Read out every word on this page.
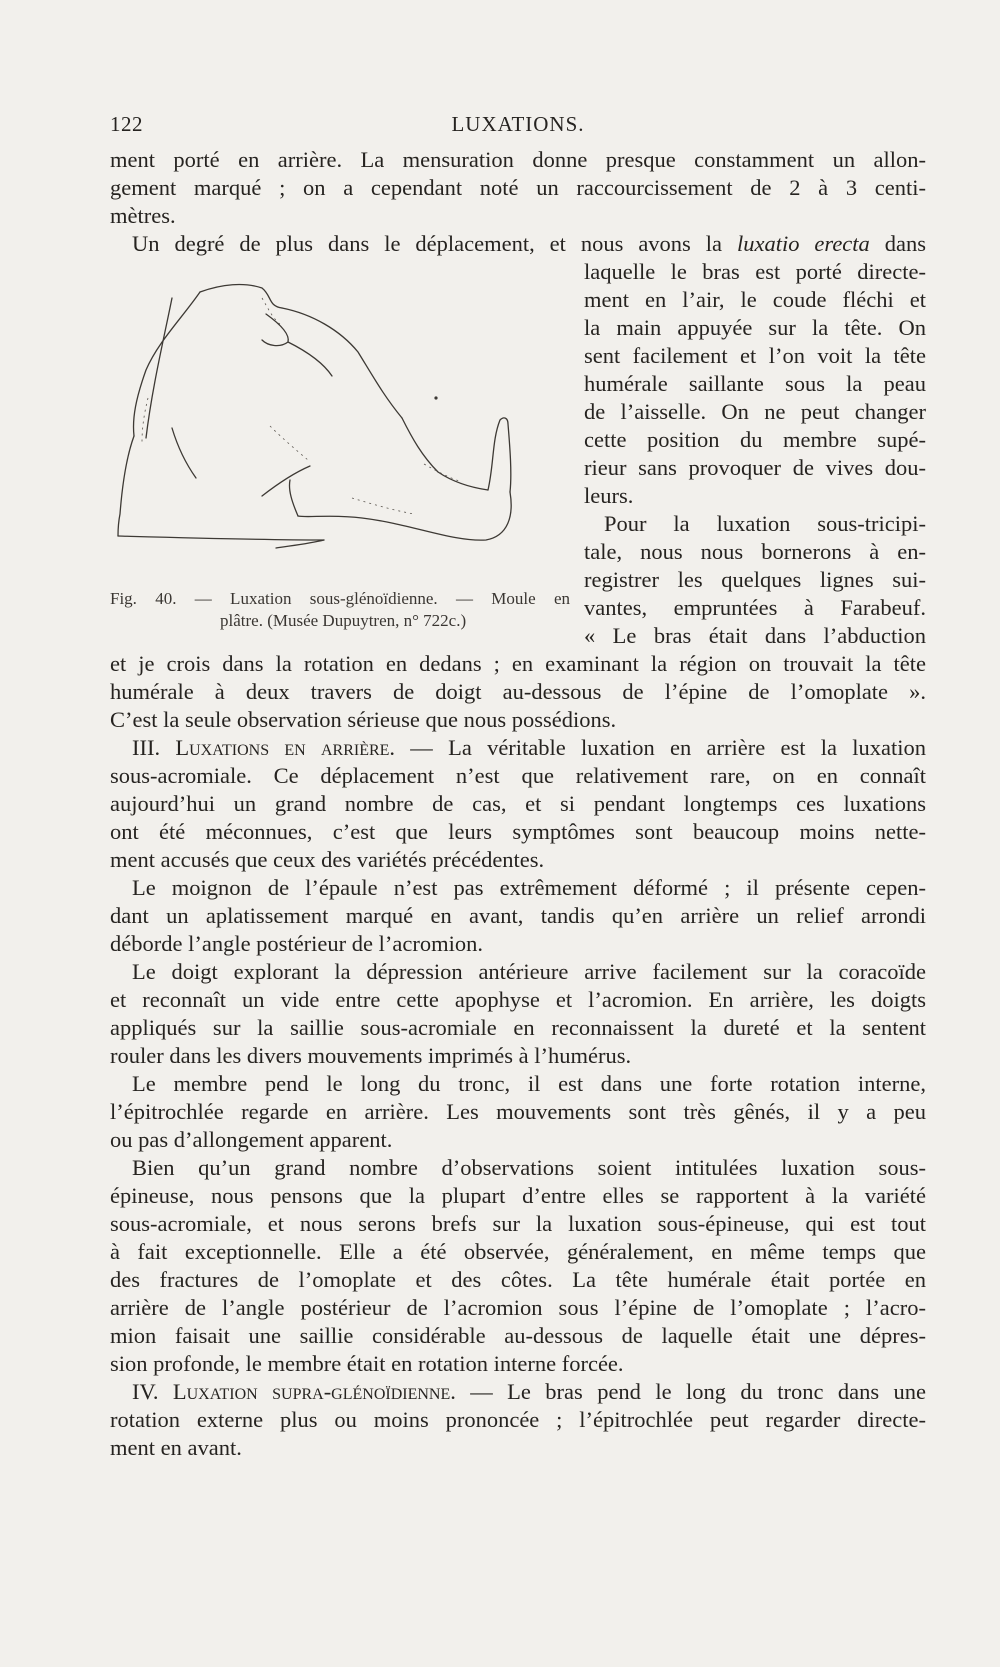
122	LUXATIONS.
ment porté en arrière. La mensuration donne presque constamment un allon-
gement marqué ; on a cependant noté un raccourcissement de 2 à 3 centi-
mètres.
Un degré de plus dans le déplacement, et nous avons la luxatio erecta dans
laquelle le bras est porté directe-
ment en l’air, le coude fléchi et
la main appuyée sur la tête. On
sent facilement et l’on voit la tête
humérale saillante sous la peau
de l’aisselle. On ne peut changer
cette position du membre supé-
rieur sans provoquer de vives dou-
leurs.
Pour la luxation sous-tricipi-
tale, nous nous bornerons à en-
registrer les quelques lignes sui-
vantes, empruntées à Farabeuf.
« Le bras était dans l’abduction
Fig. 40. — Luxation sous-glénoïdienne. — Moule en
plâtre. (Musée Dupuytren, n° 722c.)
et je crois dans la rotation en dedans ; en examinant la région on trouvait la tête
humérale à deux travers de doigt au-dessous de l’épine de l’omoplate ».
C’est la seule observation sérieuse que nous possédions.
III. Luxations en arrière. — La véritable luxation en arrière est la luxation
sous-acromiale. Ce déplacement n’est que relativement rare, on en connaît
aujourd’hui un grand nombre de cas, et si pendant longtemps ces luxations
ont été méconnues, c’est que leurs symptômes sont beaucoup moins nette-
ment accusés que ceux des variétés précédentes.
Le moignon de l’épaule n’est pas extrêmement déformé ; il présente cepen-
dant un aplatissement marqué en avant, tandis qu’en arrière un relief arrondi
déborde l’angle postérieur de l’acromion.
Le doigt explorant la dépression antérieure arrive facilement sur la coracoïde
et reconnaît un vide entre cette apophyse et l’acromion. En arrière, les doigts
appliqués sur la saillie sous-acromiale en reconnaissent la dureté et la sentent
rouler dans les divers mouvements imprimés à l’humérus.
Le membre pend le long du tronc, il est dans une forte rotation interne,
l’épitrochlée regarde en arrière. Les mouvements sont très gênés, il y a peu
ou pas d’allongement apparent.
Bien qu’un grand nombre d’observations soient intitulées luxation sous-
épineuse, nous pensons que la plupart d’entre elles se rapportent à la variété
sous-acromiale, et nous serons brefs sur la luxation sous-épineuse, qui est tout
à fait exceptionnelle. Elle a été observée, généralement, en même temps que
des fractures de l’omoplate et des côtes. La tête humérale était portée en
arrière de l’angle postérieur de l’acromion sous l’épine de l’omoplate ; l’acro-
mion faisait une saillie considérable au-dessous de laquelle était une dépres-
sion profonde, le membre était en rotation interne forcée.
IV. Luxation supra-glénoïdienne. — Le bras pend le long du tronc dans une
rotation externe plus ou moins prononcée ; l’épitrochlée peut regarder directe-
ment en avant.
